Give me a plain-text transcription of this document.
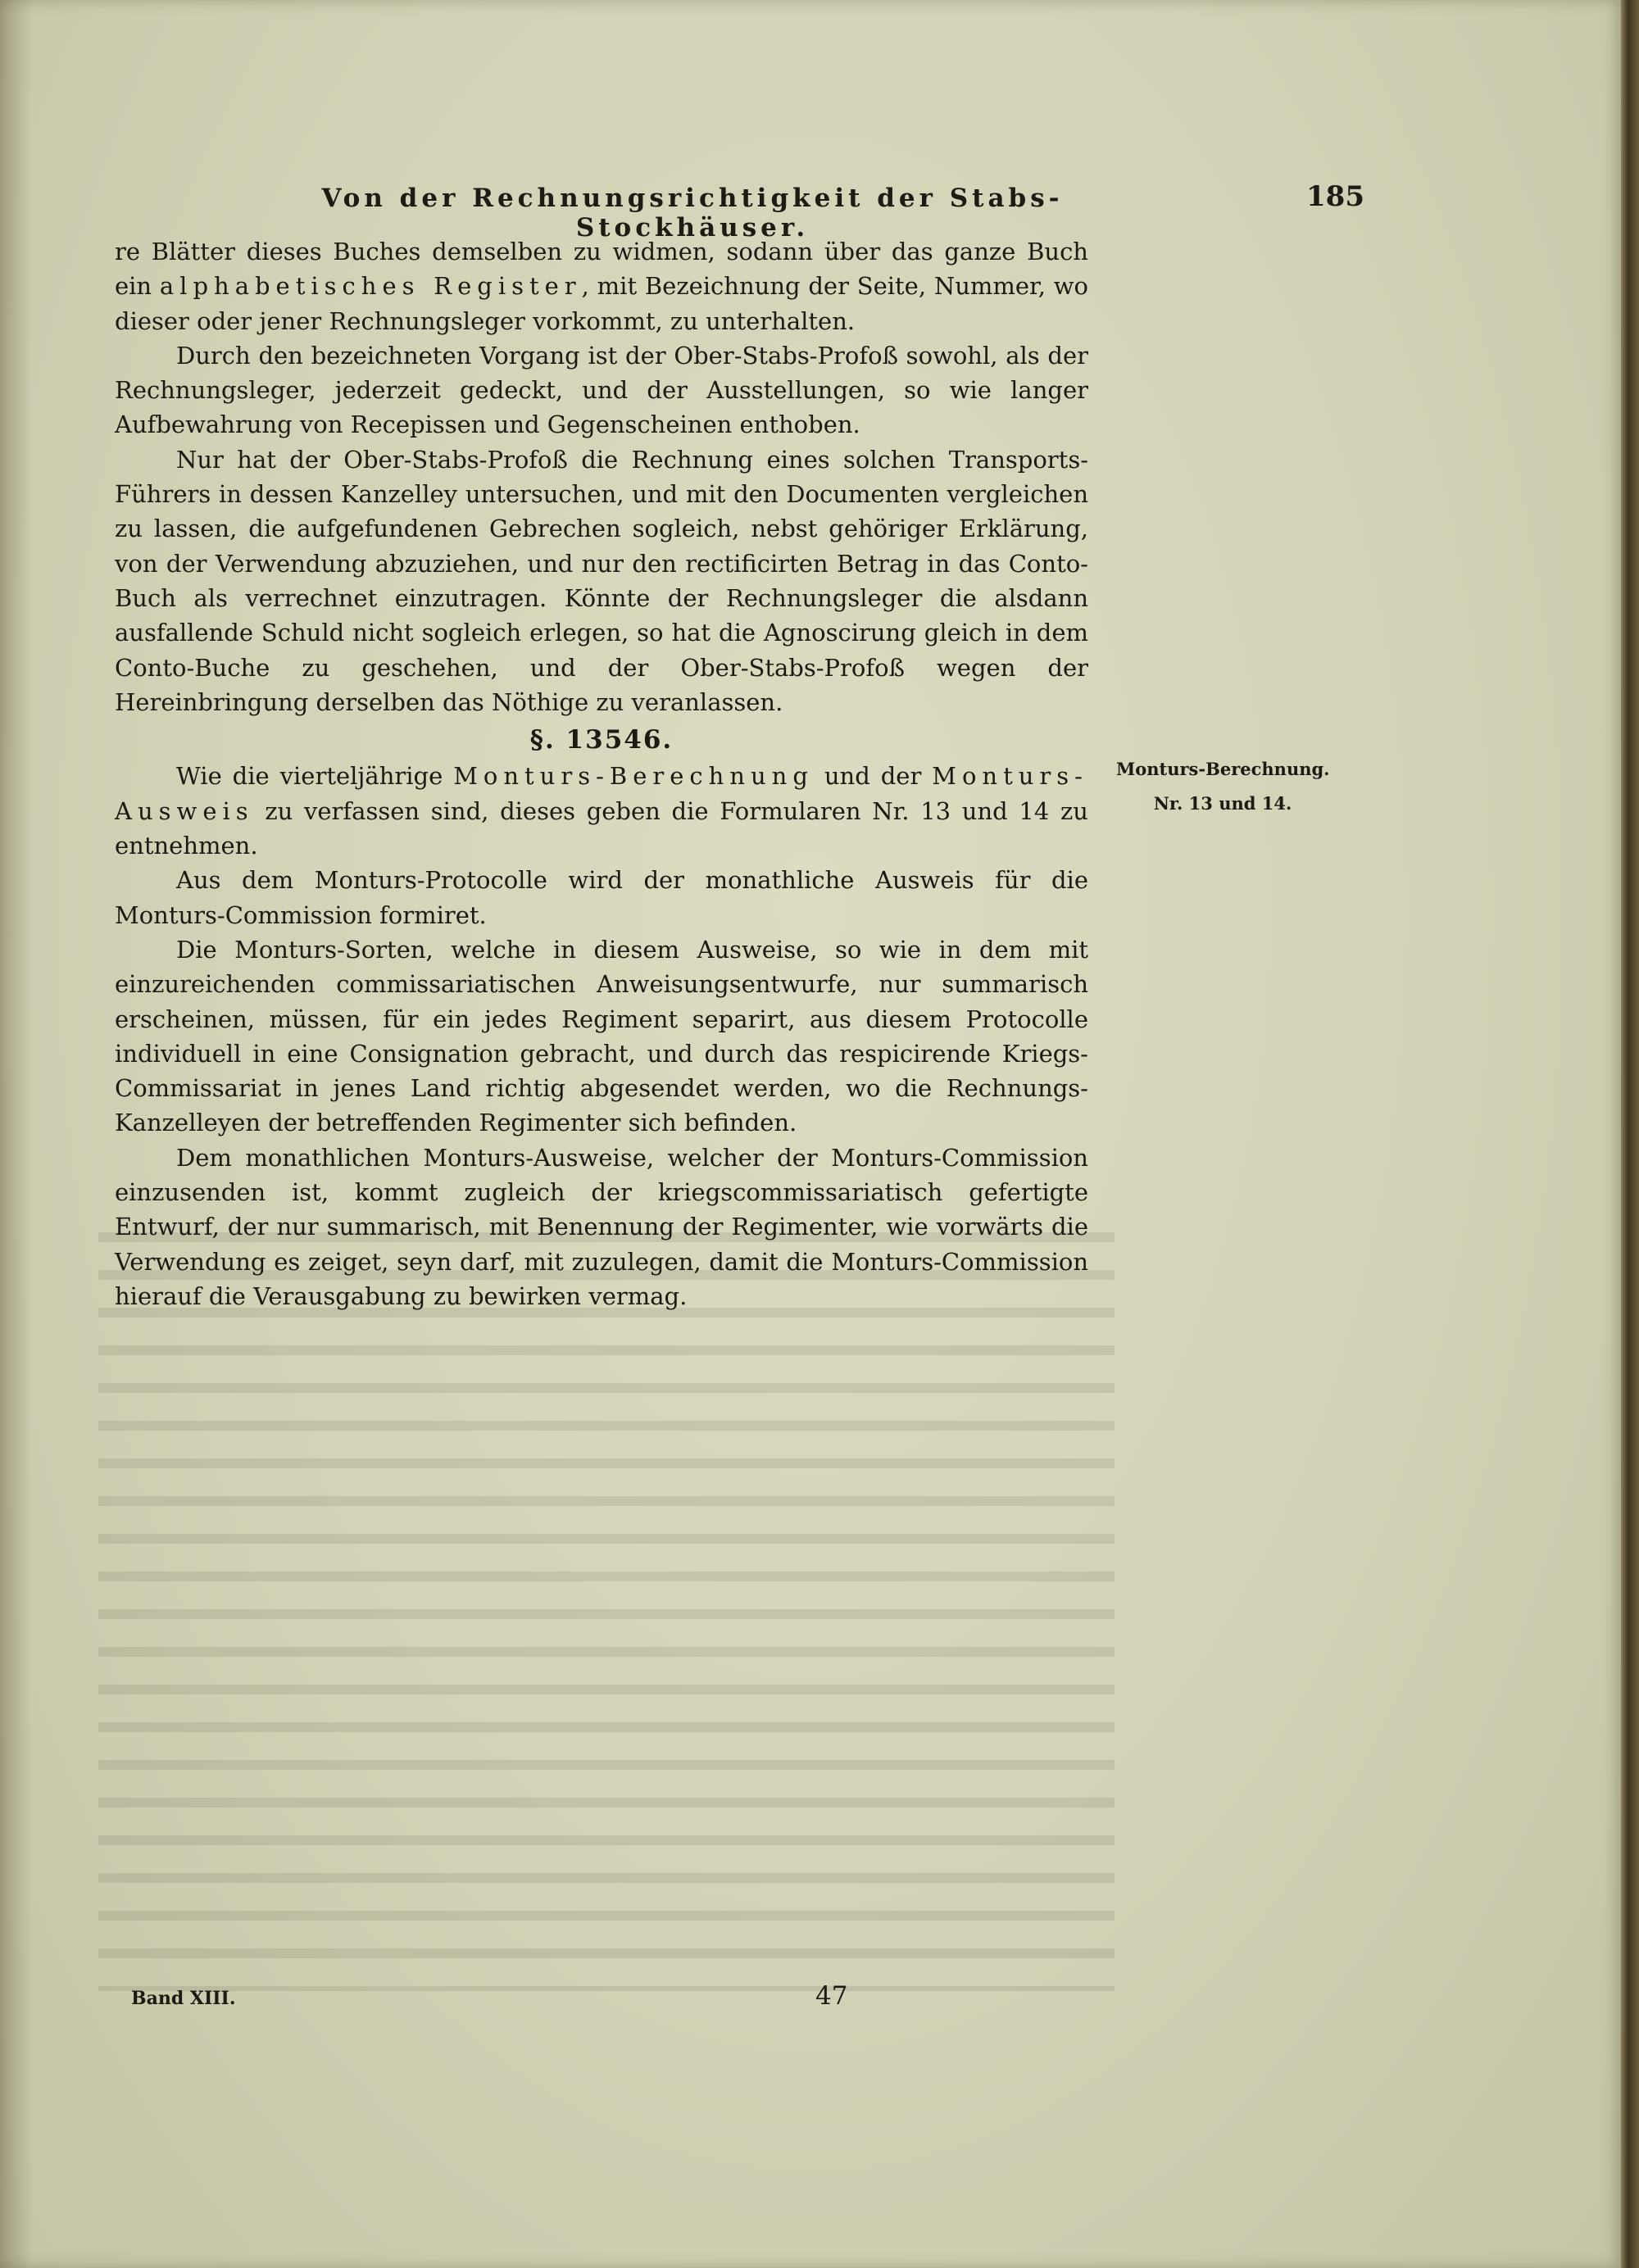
Von der Rechnungsrichtigkeit der Stabs-Stockhäuser.
185

re Blätter dieses Buches demselben zu widmen, sodann über das ganze Buch ein alphabetisches Register, mit Bezeichnung der Seite, Nummer, wo dieser oder jener Rechnungsleger vorkommt, zu unterhalten.

Durch den bezeichneten Vorgang ist der Ober-Stabs-Profoß sowohl, als der Rechnungsleger, jederzeit gedeckt, und der Ausstellungen, so wie langer Aufbewahrung von Recepissen und Gegenscheinen enthoben.

Nur hat der Ober-Stabs-Profoß die Rechnung eines solchen Transports-Führers in dessen Kanzelley untersuchen, und mit den Documenten vergleichen zu lassen, die aufgefundenen Gebrechen sogleich, nebst gehöriger Erklärung, von der Verwendung abzuziehen, und nur den rectificirten Betrag in das Conto-Buch als verrechnet einzutragen. Könnte der Rechnungsleger die alsdann ausfallende Schuld nicht sogleich erlegen, so hat die Agnoscirung gleich in dem Conto-Buche zu geschehen, und der Ober-Stabs-Profoß wegen der Hereinbringung derselben das Nöthige zu veranlassen.

§. 13546.

Wie die vierteljährige Monturs-Berechnung und der Monturs-Ausweis zu verfassen sind, dieses geben die Formularen Nr. 13 und 14 zu entnehmen.

Aus dem Monturs-Protocolle wird der monathliche Ausweis für die Monturs-Commission formiret.

Die Monturs-Sorten, welche in diesem Ausweise, so wie in dem mit einzureichenden commissariatischen Anweisungsentwurfe, nur summarisch erscheinen, müssen, für ein jedes Regiment separirt, aus diesem Protocolle individuell in eine Consignation gebracht, und durch das respicirende Kriegs-Commissariat in jenes Land richtig abgesendet werden, wo die Rechnungs-Kanzelleyen der betreffenden Regimenter sich befinden.

Dem monathlichen Monturs-Ausweise, welcher der Monturs-Commission einzusenden ist, kommt zugleich der kriegscommissariatisch gefertigte Entwurf, der nur summarisch, mit Benennung der Regimenter, wie vorwärts die Verwendung es zeiget, seyn darf, mit zuzulegen, damit die Monturs-Commission hierauf die Verausgabung zu bewirken vermag.

Monturs-Berechnung.
Nr. 13 und 14.
Band XIII.	47
